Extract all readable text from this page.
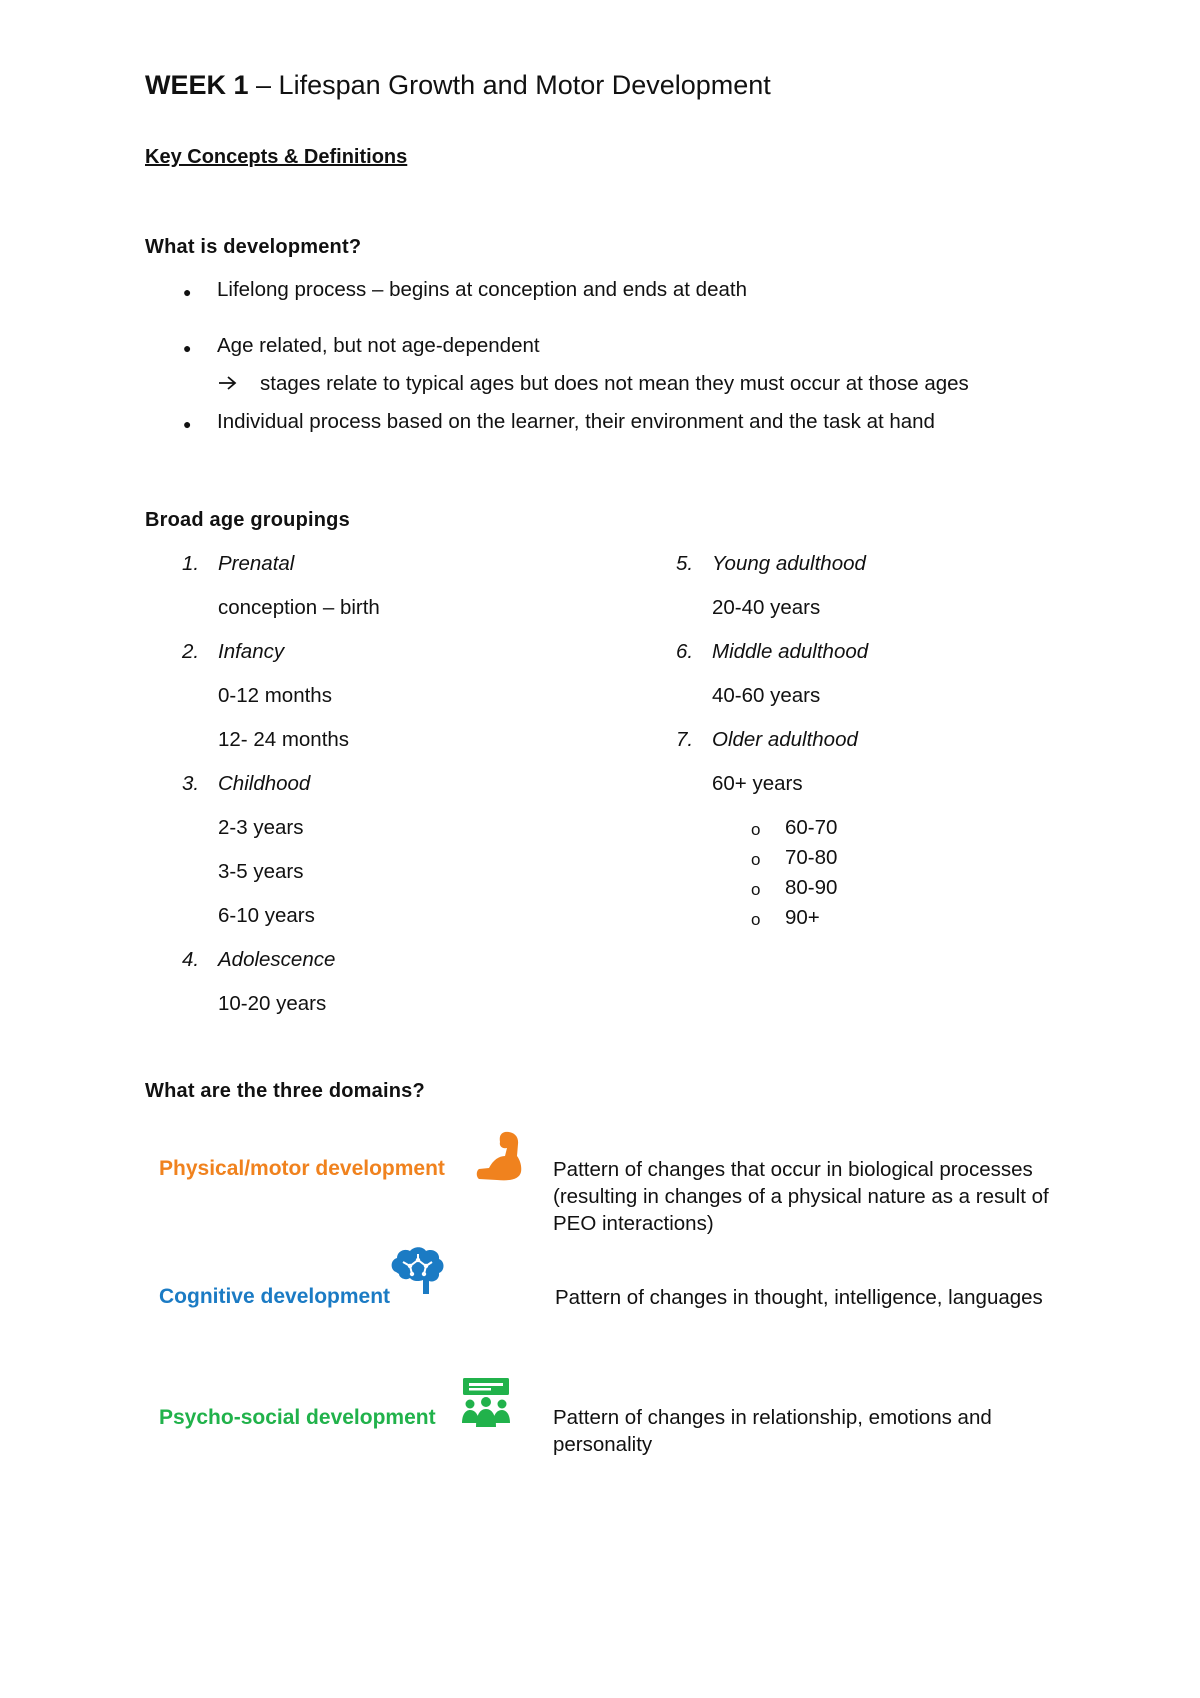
WEEK 1 – Lifespan Growth and Motor Development
Key Concepts & Definitions
What is development?
● Lifelong process – begins at conception and ends at death
● Age related, but not age-dependent
stages relate to typical ages but does not mean they must occur at those ages
● Individual process based on the learner, their environment and the task at hand
Broad age groupings
1. Prenatal
conception – birth
2. Infancy
0-12 months
12- 24 months
3. Childhood
2-3 years
3-5 years
6-10 years
4. Adolescence
10-20 years
5. Young adulthood
20-40 years
6. Middle adulthood
40-60 years
7. Older adulthood
60+ years
o 60-70
o 70-80
o 80-90
o 90+
What are the three domains?
Physical/motor development	Pattern of changes that occur in biological processes (resulting in changes of a physical nature as a result of PEO interactions)
Cognitive development	Pattern of changes in thought, intelligence, languages
Psycho-social development	Pattern of changes in relationship, emotions and personality
